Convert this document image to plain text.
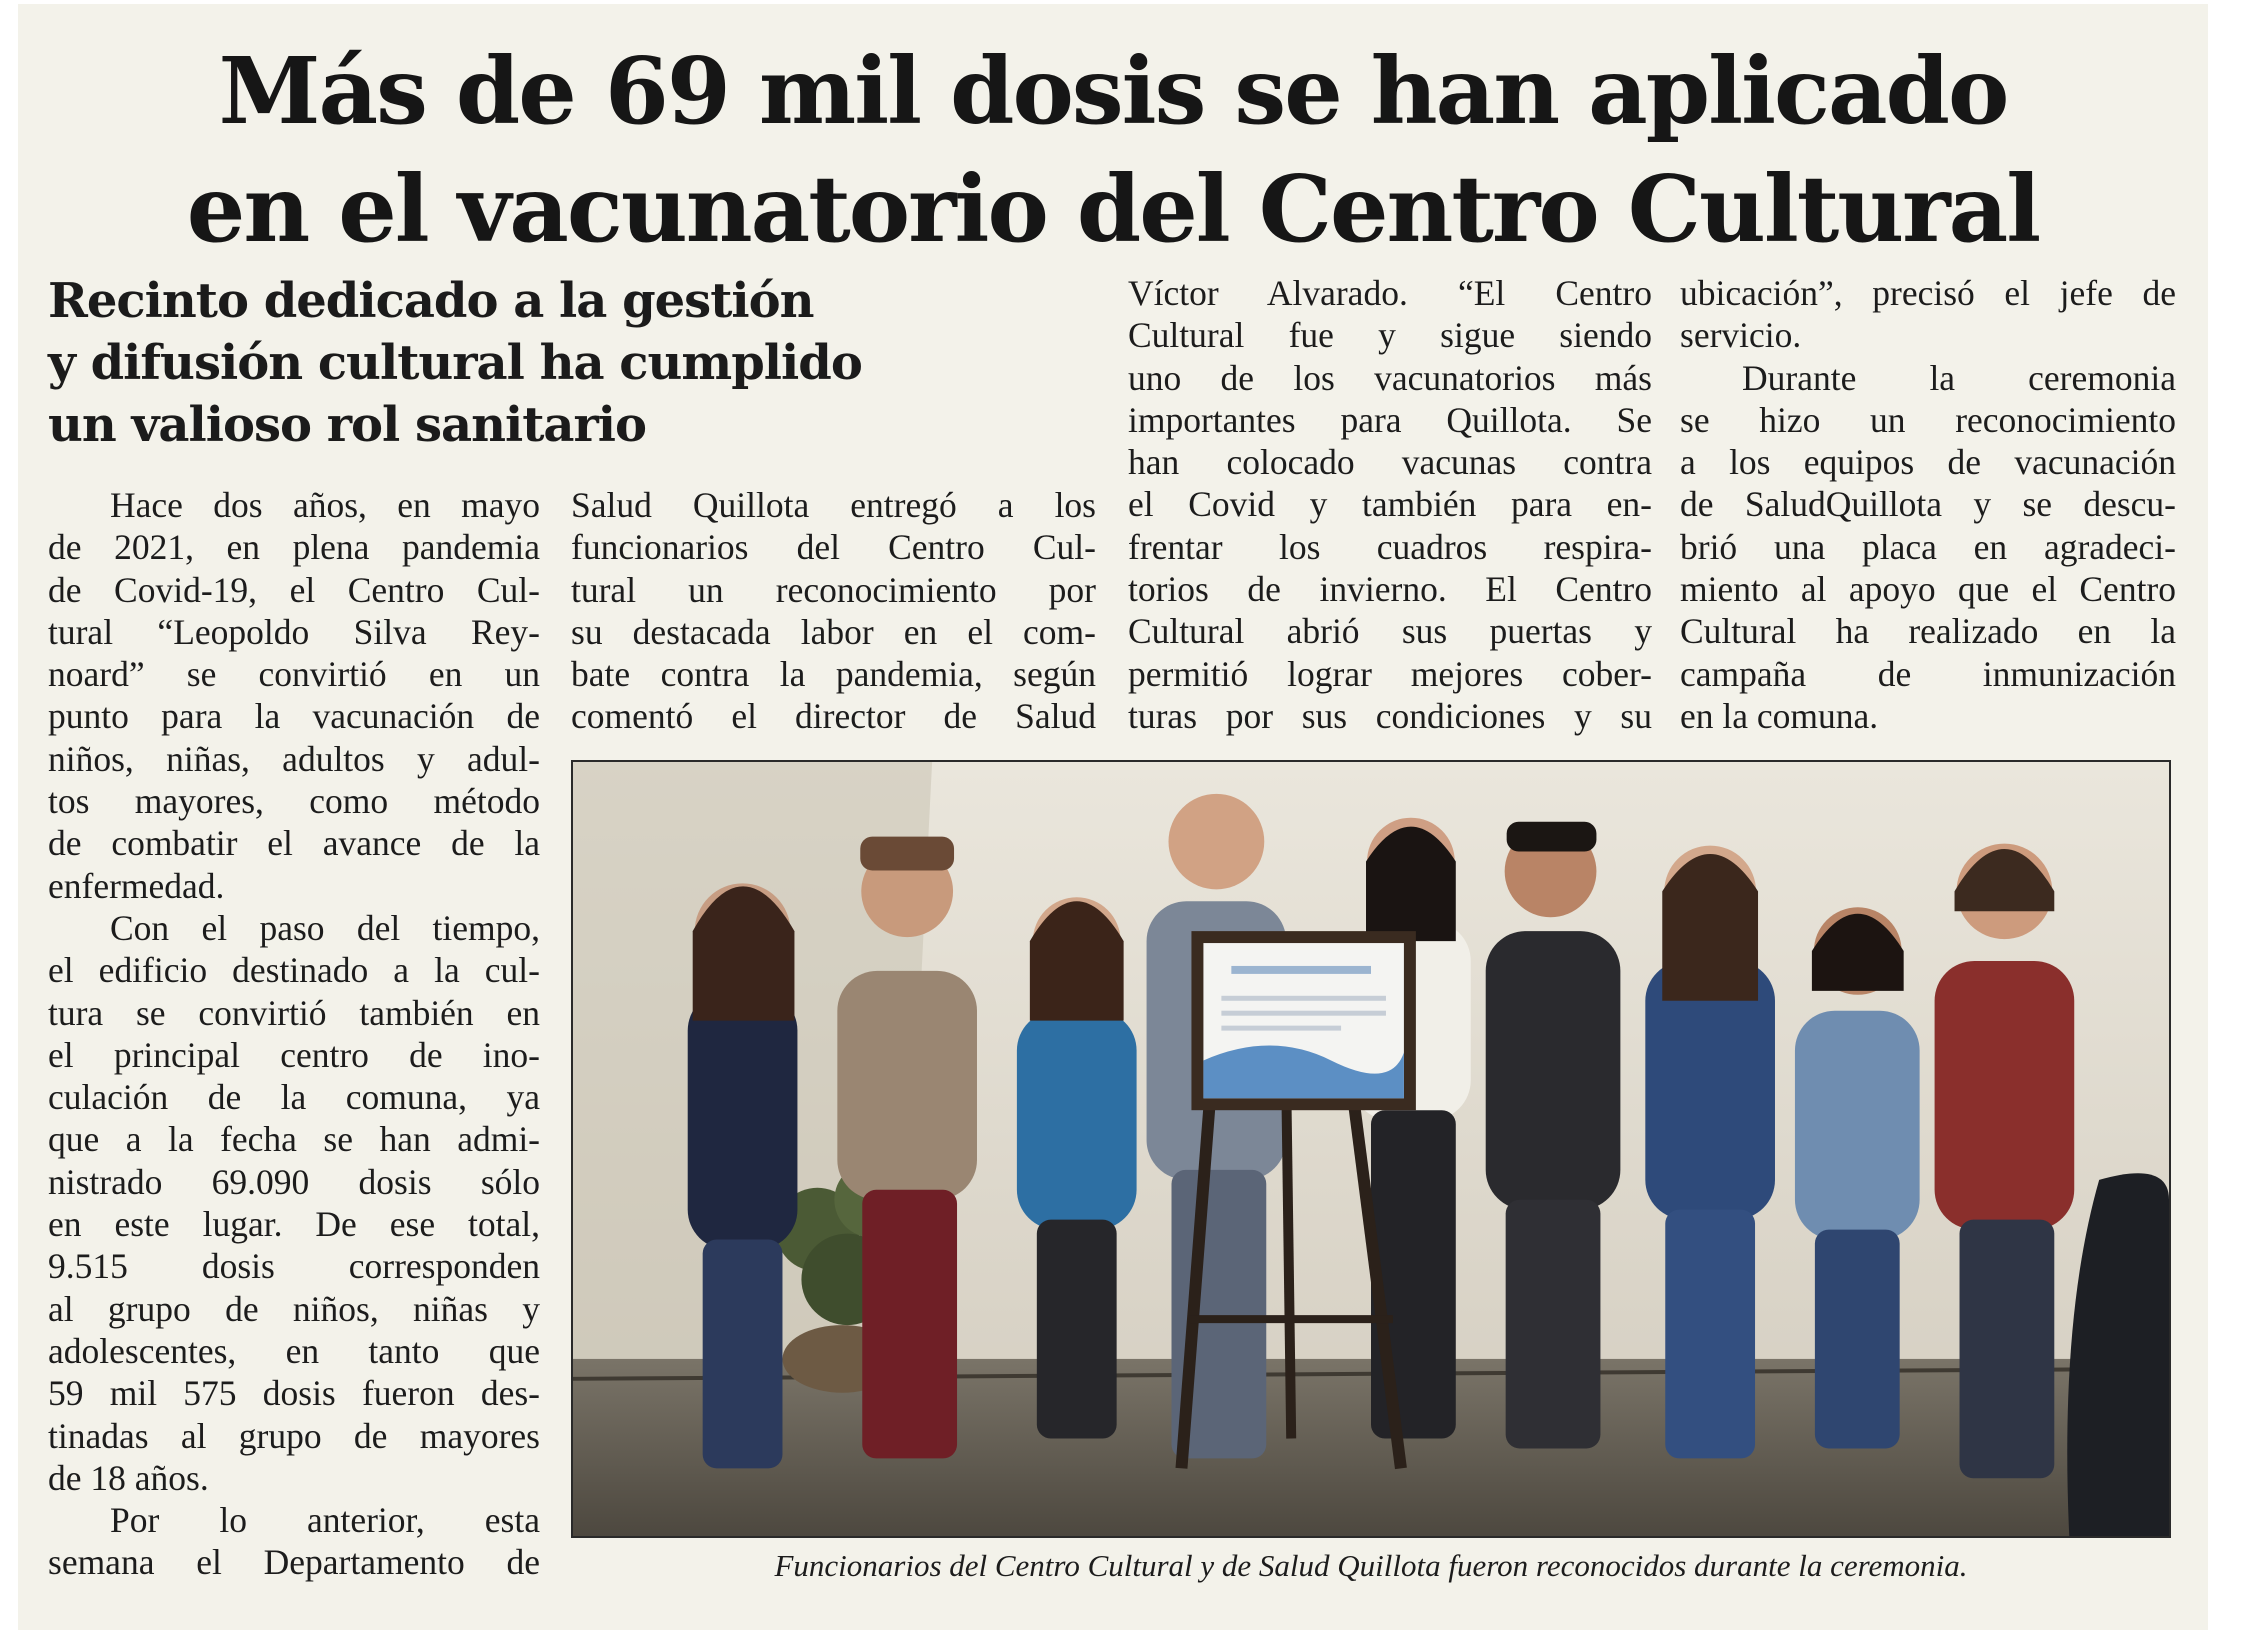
Más de 69 mil dosis se han aplicado
en el vacunatorio del Centro Cultural
Recinto dedicado a la gestión
y difusión cultural ha cumplido
un valioso rol sanitario

Hace dos años, en mayo
de 2021, en plena pandemia
de Covid-19, el Centro Cul-
tural “Leopoldo Silva Rey-
noard” se convirtió en un
punto para la vacunación de
niños, niñas, adultos y adul-
tos mayores, como método
de combatir el avance de la
enfermedad.

Con el paso del tiempo,
el edificio destinado a la cul-
tura se convirtió también en
el principal centro de ino-
culación de la comuna, ya
que a la fecha se han admi-
nistrado 69.090 dosis sólo
en este lugar. De ese total,
9.515 dosis corresponden
al grupo de niños, niñas y
adolescentes, en tanto que
59 mil 575 dosis fueron des-
tinadas al grupo de mayores
de 18 años.

Por lo anterior, esta
semana el Departamento de

Salud Quillota entregó a los
funcionarios del Centro Cul-
tural un reconocimiento por
su destacada labor en el com-
bate contra la pandemia, según
comentó el director de Salud

Víctor Alvarado. “El Centro
Cultural fue y sigue siendo
uno de los vacunatorios más
importantes para Quillota. Se
han colocado vacunas contra
el Covid y también para en-
frentar los cuadros respira-
torios de invierno. El Centro
Cultural abrió sus puertas y
permitió lograr mejores cober-
turas por sus condiciones y su

ubicación”, precisó el jefe de
servicio.

Durante la ceremonia
se hizo un reconocimiento
a los equipos de vacunación
de SaludQuillota y se descu-
brió una placa en agradeci-
miento al apoyo que el Centro
Cultural ha realizado en la
campaña de inmunización
en la comuna.

Funcionarios del Centro Cultural y de Salud Quillota fueron reconocidos durante la ceremonia.
